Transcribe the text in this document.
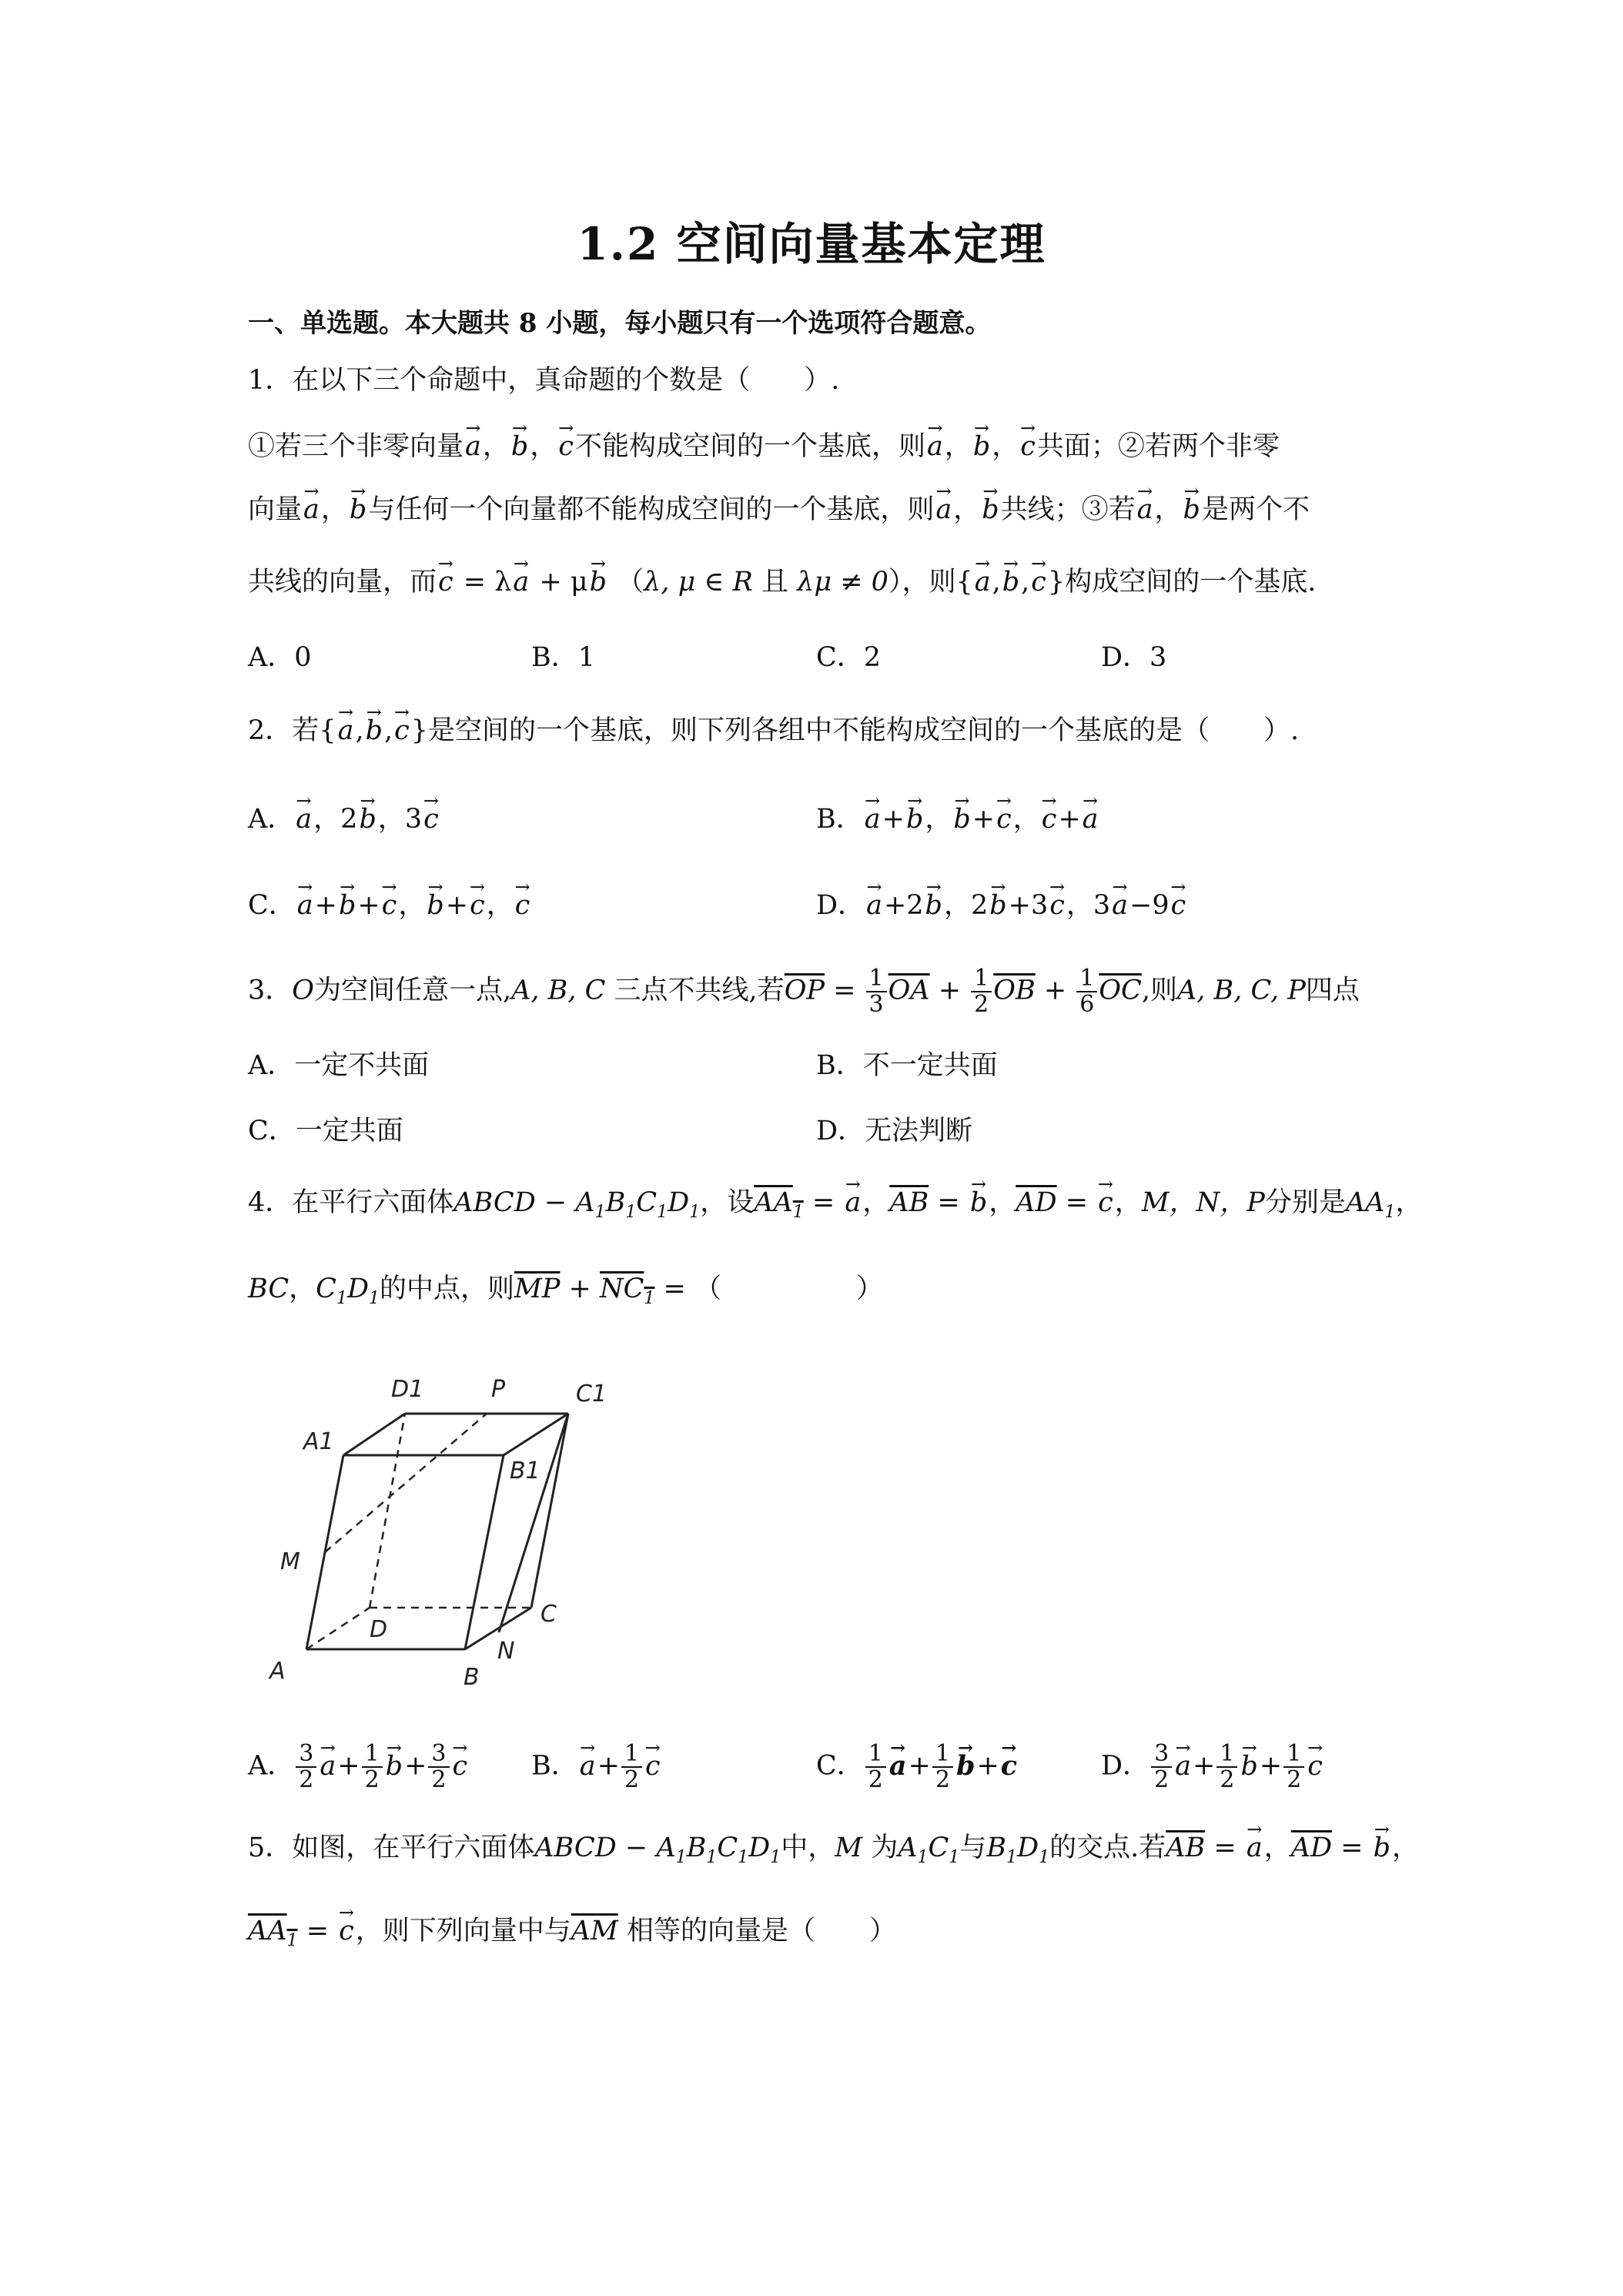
1.2 空间向量基本定理
一、单选题。本大题共 8 小题，每小题只有一个选项符合题意。
1．在以下三个命题中，真命题的个数是（　　）.
①若三个非零向量→ a，→ b，→ c不能构成空间的一个基底，则→ a，→ b，→ c共面；②若两个非零
向量→ a，→ b与任何一个向量都不能构成空间的一个基底，则→ a，→ b共线；③若→ a，→ b是两个不
共线的向量，而→ c = λ→ a + μ→ b （λ, μ ∈ R 且 λμ ≠ 0），则{→ a,→ b,→ c}构成空间的一个基底.
A．0	B．1	C．2	D．3
2．若{→ a,→ b,→ c}是空间的一个基底，则下列各组中不能构成空间的一个基底的是（　　）.
A．→ a，2→ b，3→ c	B．→ a+→ b，→ b+→ c，→ c+→ a
C．→ a+→ b+→ c，→ b+→ c，→ c	D．→ a+2→ b，2→ b+3→ c，3→ a−9→ c
3．O为空间任意一点,A, B, C 三点不共线,若$\overline{OP} = \frac{1}{3} \overline{OA} + \frac{1}{2} \overline{OB} + \frac{1}{6} \overline{OC}$,则A, B, C, P四点
A．一定不共面	B．不一定共面
C．一定共面	D．无法判断
4．在平行六面体ABCD − $A_1B_1C_1D_1$，设$AA_1$ = → a，$\overline{AB}$ = → b，$\overline{AD}$ = → c，M，N，P分别是$AA_1$，
BC，$C_1D_1$的中点，则$\overline{MP} + NC_1$ = （　　　　　）
D1	P	C1
A1
B1
M
D
C
N
A	B
A． $\frac{3}{2} \to a+ \frac{1}{2} \to b+ \frac{3}{2} \to c$ B．→ $a+ \frac{1}{2} \to c$	C． $\frac{1}{2} \to a+ \frac{1}{2} \to b+\to c$	D． $\frac{3}{2} \to a+ \frac{1}{2} \to b+ \frac{1}{2} \to c$
5．如图，在平行六面体ABCD − $A_1B_1C_1D_1$中，M 为$A_1C_1$与$B_1D_1$的交点.若$\overline{AB}$ = → a，$\overline{AD}$ = → b，
$AA_1$ = → c，则下列向量中与$\overline{AM}$ 相等的向量是（　　）
